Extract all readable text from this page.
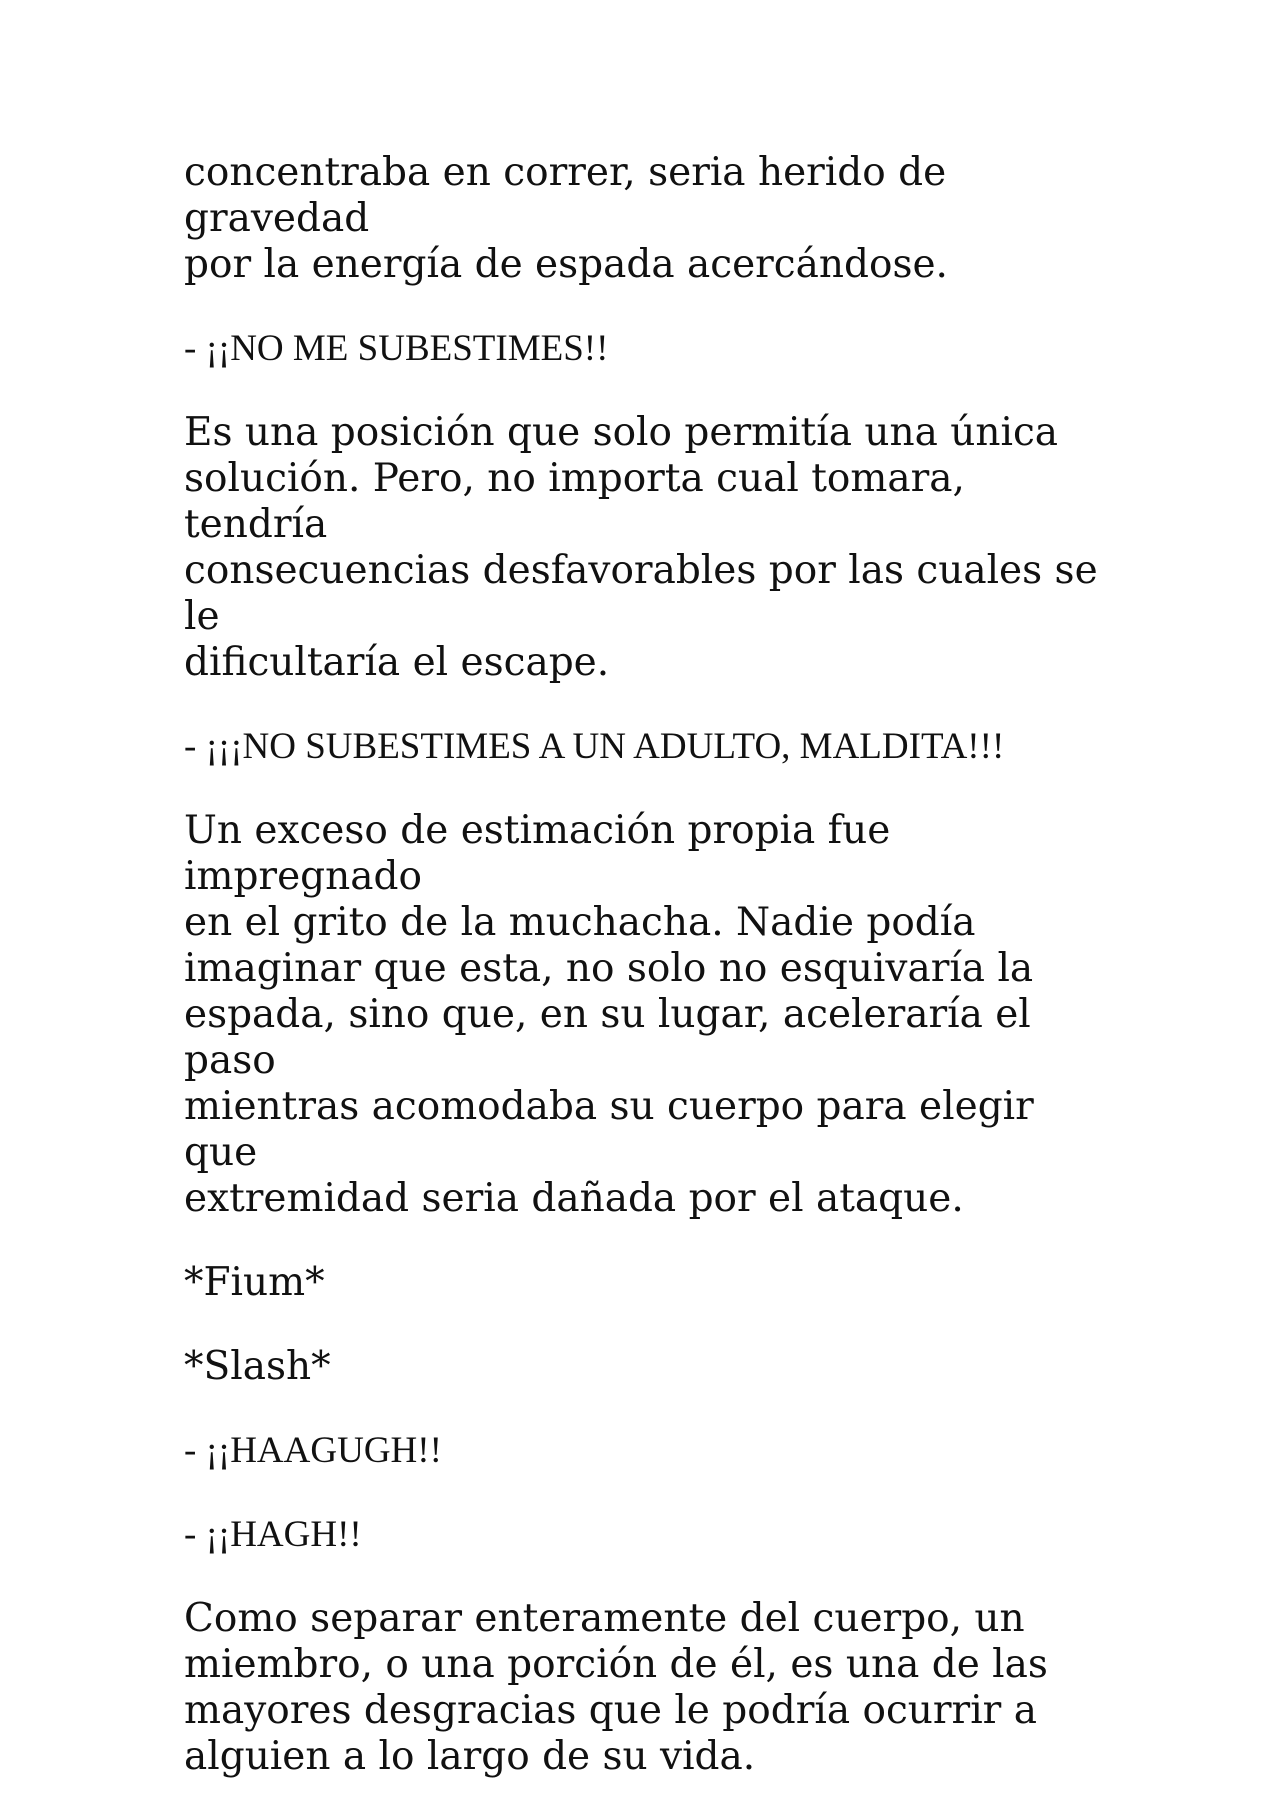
concentraba en correr, seria herido de gravedad
por la energía de espada acercándose.

- ¡¡NO ME SUBESTIMES!!

Es una posición que solo permitía una única
solución. Pero, no importa cual tomara, tendría
consecuencias desfavorables por las cuales se le
dificultaría el escape.

- ¡¡¡NO SUBESTIMES A UN ADULTO, MALDITA!!!

Un exceso de estimación propia fue impregnado
en el grito de la muchacha. Nadie podía
imaginar que esta, no solo no esquivaría la
espada, sino que, en su lugar, aceleraría el paso
mientras acomodaba su cuerpo para elegir que
extremidad seria dañada por el ataque.

*Fium*

*Slash*

- ¡¡HAAGUGH!!

- ¡¡HAGH!!

Como separar enteramente del cuerpo, un
miembro, o una porción de él, es una de las
mayores desgracias que le podría ocurrir a
alguien a lo largo de su vida.
